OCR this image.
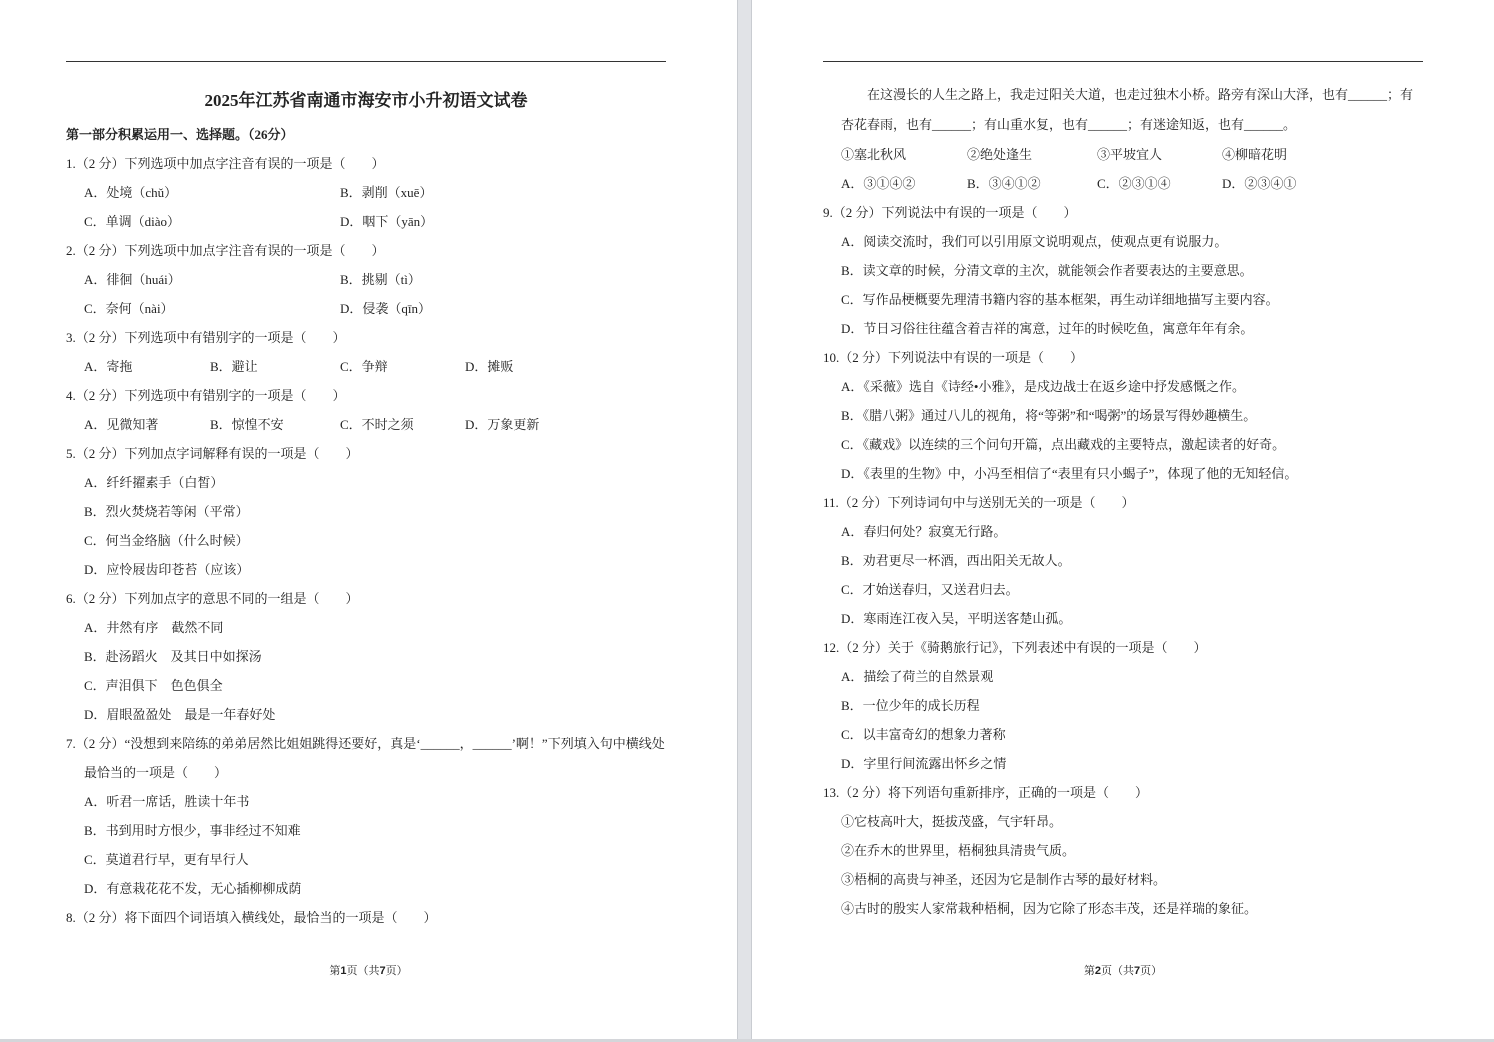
2025年江苏省南通市海安市小升初语文试卷
第一部分积累运用一、选择题。（26分）
1.（2 分）下列选项中加点字注音有误的一项是（　　）
A．处境（chǔ）	B．剥削（xuē）
C．单调（diào）	D．咽下（yān）
2.（2 分）下列选项中加点字注音有误的一项是（　　）
A．徘徊（huái）	B．挑剔（tì）
C．奈何（nài）	D．侵袭（qīn）
3.（2 分）下列选项中有错别字的一项是（　　）
A．寄拖	B．避让	C．争辩	D．摊贩
4.（2 分）下列选项中有错别字的一项是（　　）
A．见微知著	B．惊惶不安	C．不时之须	D．万象更新
5.（2 分）下列加点字词解释有误的一项是（　　）
A．纤纤擢素手（白皙）
B．烈火焚烧若等闲（平常）
C．何当金络脑（什么时候）
D．应怜屐齿印苍苔（应该）
6.（2 分）下列加点字的意思不同的一组是（　　）
A．井然有序　截然不同
B．赴汤蹈火　及其日中如探汤
C．声泪俱下　色色俱全
D．眉眼盈盈处　最是一年春好处
7.（2 分）“没想到来陪练的弟弟居然比姐姐跳得还要好，真是‘______，______’啊！”下列填入句中横线处最恰当的一项是（　　）
A．听君一席话，胜读十年书
B．书到用时方恨少，事非经过不知难
C．莫道君行早，更有早行人
D．有意栽花花不发，无心插柳柳成荫
8.（2 分）将下面四个词语填入横线处，最恰当的一项是（　　）
第1页（共7页）
在这漫长的人生之路上，我走过阳关大道，也走过独木小桥。路旁有深山大泽，也有______；有杏花春雨，也有______；有山重水复，也有______；有迷途知返，也有______。
①塞北秋风	②绝处逢生	③平坡宜人	④柳暗花明
A．③①④②	B．③④①②	C．②③①④	D．②③④①
9.（2 分）下列说法中有误的一项是（　　）
A．阅读交流时，我们可以引用原文说明观点，使观点更有说服力。
B．读文章的时候，分清文章的主次，就能领会作者要表达的主要意思。
C．写作品梗概要先理清书籍内容的基本框架，再生动详细地描写主要内容。
D．节日习俗往往蕴含着吉祥的寓意，过年的时候吃鱼，寓意年年有余。
10.（2 分）下列说法中有误的一项是（　　）
A．《采薇》选自《诗经•小雅》，是戍边战士在返乡途中抒发感慨之作。
B．《腊八粥》通过八儿的视角，将“等粥”和“喝粥”的场景写得妙趣横生。
C．《藏戏》以连续的三个问句开篇，点出藏戏的主要特点，激起读者的好奇。
D．《表里的生物》中，小冯至相信了“表里有只小蝎子”，体现了他的无知轻信。
11.（2 分）下列诗词句中与送别无关的一项是（　　）
A．春归何处？寂寞无行路。
B．劝君更尽一杯酒，西出阳关无故人。
C．才始送春归，又送君归去。
D．寒雨连江夜入吴，平明送客楚山孤。
12.（2 分）关于《骑鹅旅行记》，下列表述中有误的一项是（　　）
A．描绘了荷兰的自然景观
B．一位少年的成长历程
C．以丰富奇幻的想象力著称
D．字里行间流露出怀乡之情
13.（2 分）将下列语句重新排序，正确的一项是（　　）
①它枝高叶大，挺拔茂盛，气宇轩昂。
②在乔木的世界里，梧桐独具清贵气质。
③梧桐的高贵与神圣，还因为它是制作古琴的最好材料。
④古时的殷实人家常栽种梧桐，因为它除了形态丰茂，还是祥瑞的象征。
第2页（共7页）
